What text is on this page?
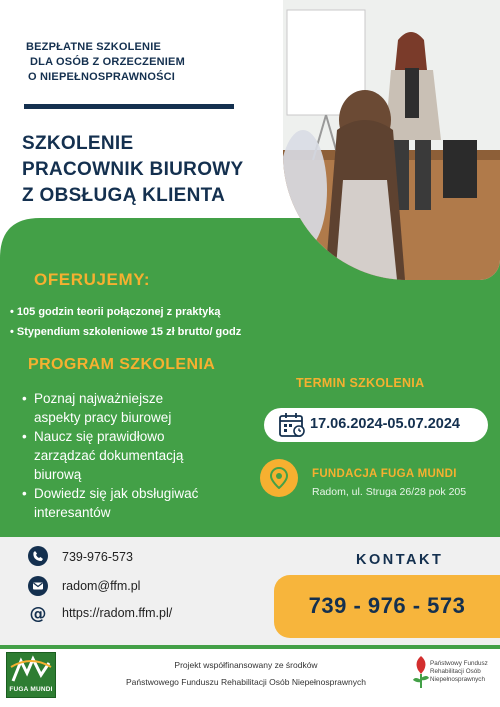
BEZPŁATNE SZKOLENIE
DLA OSÓB Z ORZECZENIEM
O NIEPEŁNOSPRAWNOŚCI
SZKOLENIE
PRACOWNIK BIUROWY
Z OBSŁUGĄ KLIENTA
OFERUJEMY:
• 105 godzin teorii połączonej z praktyką
• Stypendium szkoleniowe 15 zł brutto/ godz
PROGRAM SZKOLENIA
• Poznaj najważniejsze
aspekty pracy biurowej
• Naucz się prawidłowo
zarządzać dokumentacją
biurową
• Dowiedz się jak obsługiwać
interesantów
TERMIN SZKOLENIA
17.06.2024-05.07.2024
FUNDACJA FUGA MUNDI
Radom, ul. Struga 26/28 pok 205
739-976-573
radom@ffm.pl
@ https://radom.ffm.pl/
KONTAKT
739 - 976 - 573
FUGA MUNDI
Projekt współfinansowany ze środków
Państwowego Funduszu Rehabilitacji Osób Niepełnosprawnych
Państwowy Fundusz
Rehabilitacji Osób
Niepełnosprawnych
